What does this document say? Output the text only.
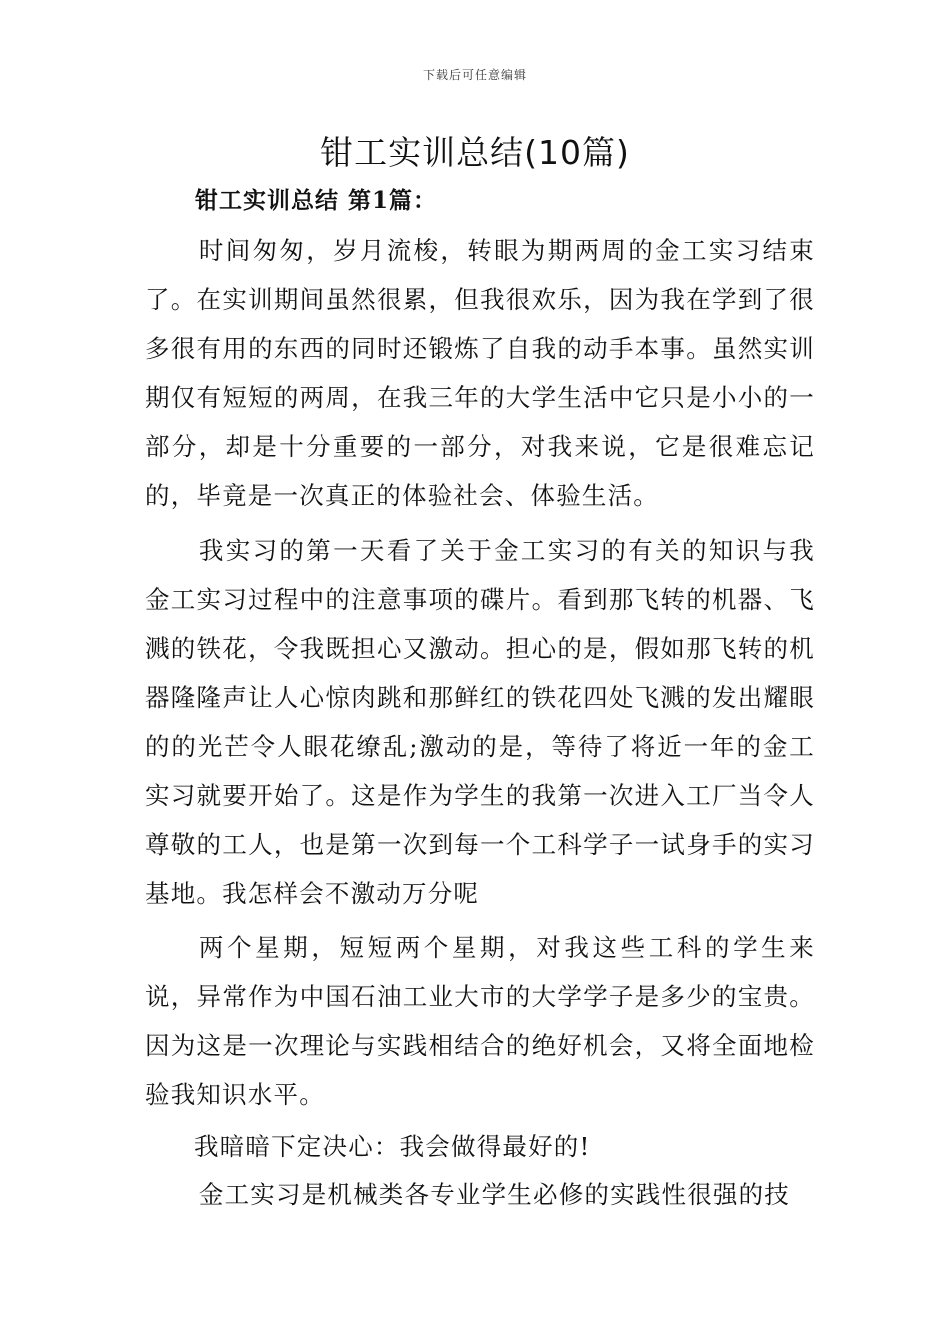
下载后可任意编辑
钳工实训总结(10篇)
钳工实训总结 第1篇：

时间匆匆，岁月流梭，转眼为期两周的金工实习结束了。在实训期间虽然很累，但我很欢乐，因为我在学到了很多很有用的东西的同时还锻炼了自我的动手本事。虽然实训期仅有短短的两周，在我三年的大学生活中它只是小小的一部分，却是十分重要的一部分，对我来说，它是很难忘记的，毕竟是一次真正的体验社会、体验生活。

我实习的第一天看了关于金工实习的有关的知识与我金工实习过程中的注意事项的碟片。看到那飞转的机器、飞溅的铁花，令我既担心又激动。担心的是，假如那飞转的机器隆隆声让人心惊肉跳和那鲜红的铁花四处飞溅的发出耀眼的的光芒令人眼花缭乱;激动的是，等待了将近一年的金工实习就要开始了。这是作为学生的我第一次进入工厂当令人尊敬的工人，也是第一次到每一个工科学子一试身手的实习基地。我怎样会不激动万分呢

两个星期，短短两个星期，对我这些工科的学生来说，异常作为中国石油工业大市的大学学子是多少的宝贵。因为这是一次理论与实践相结合的绝好机会，又将全面地检验我知识水平。

我暗暗下定决心：我会做得最好的!

金工实习是机械类各专业学生必修的实践性很强的技
